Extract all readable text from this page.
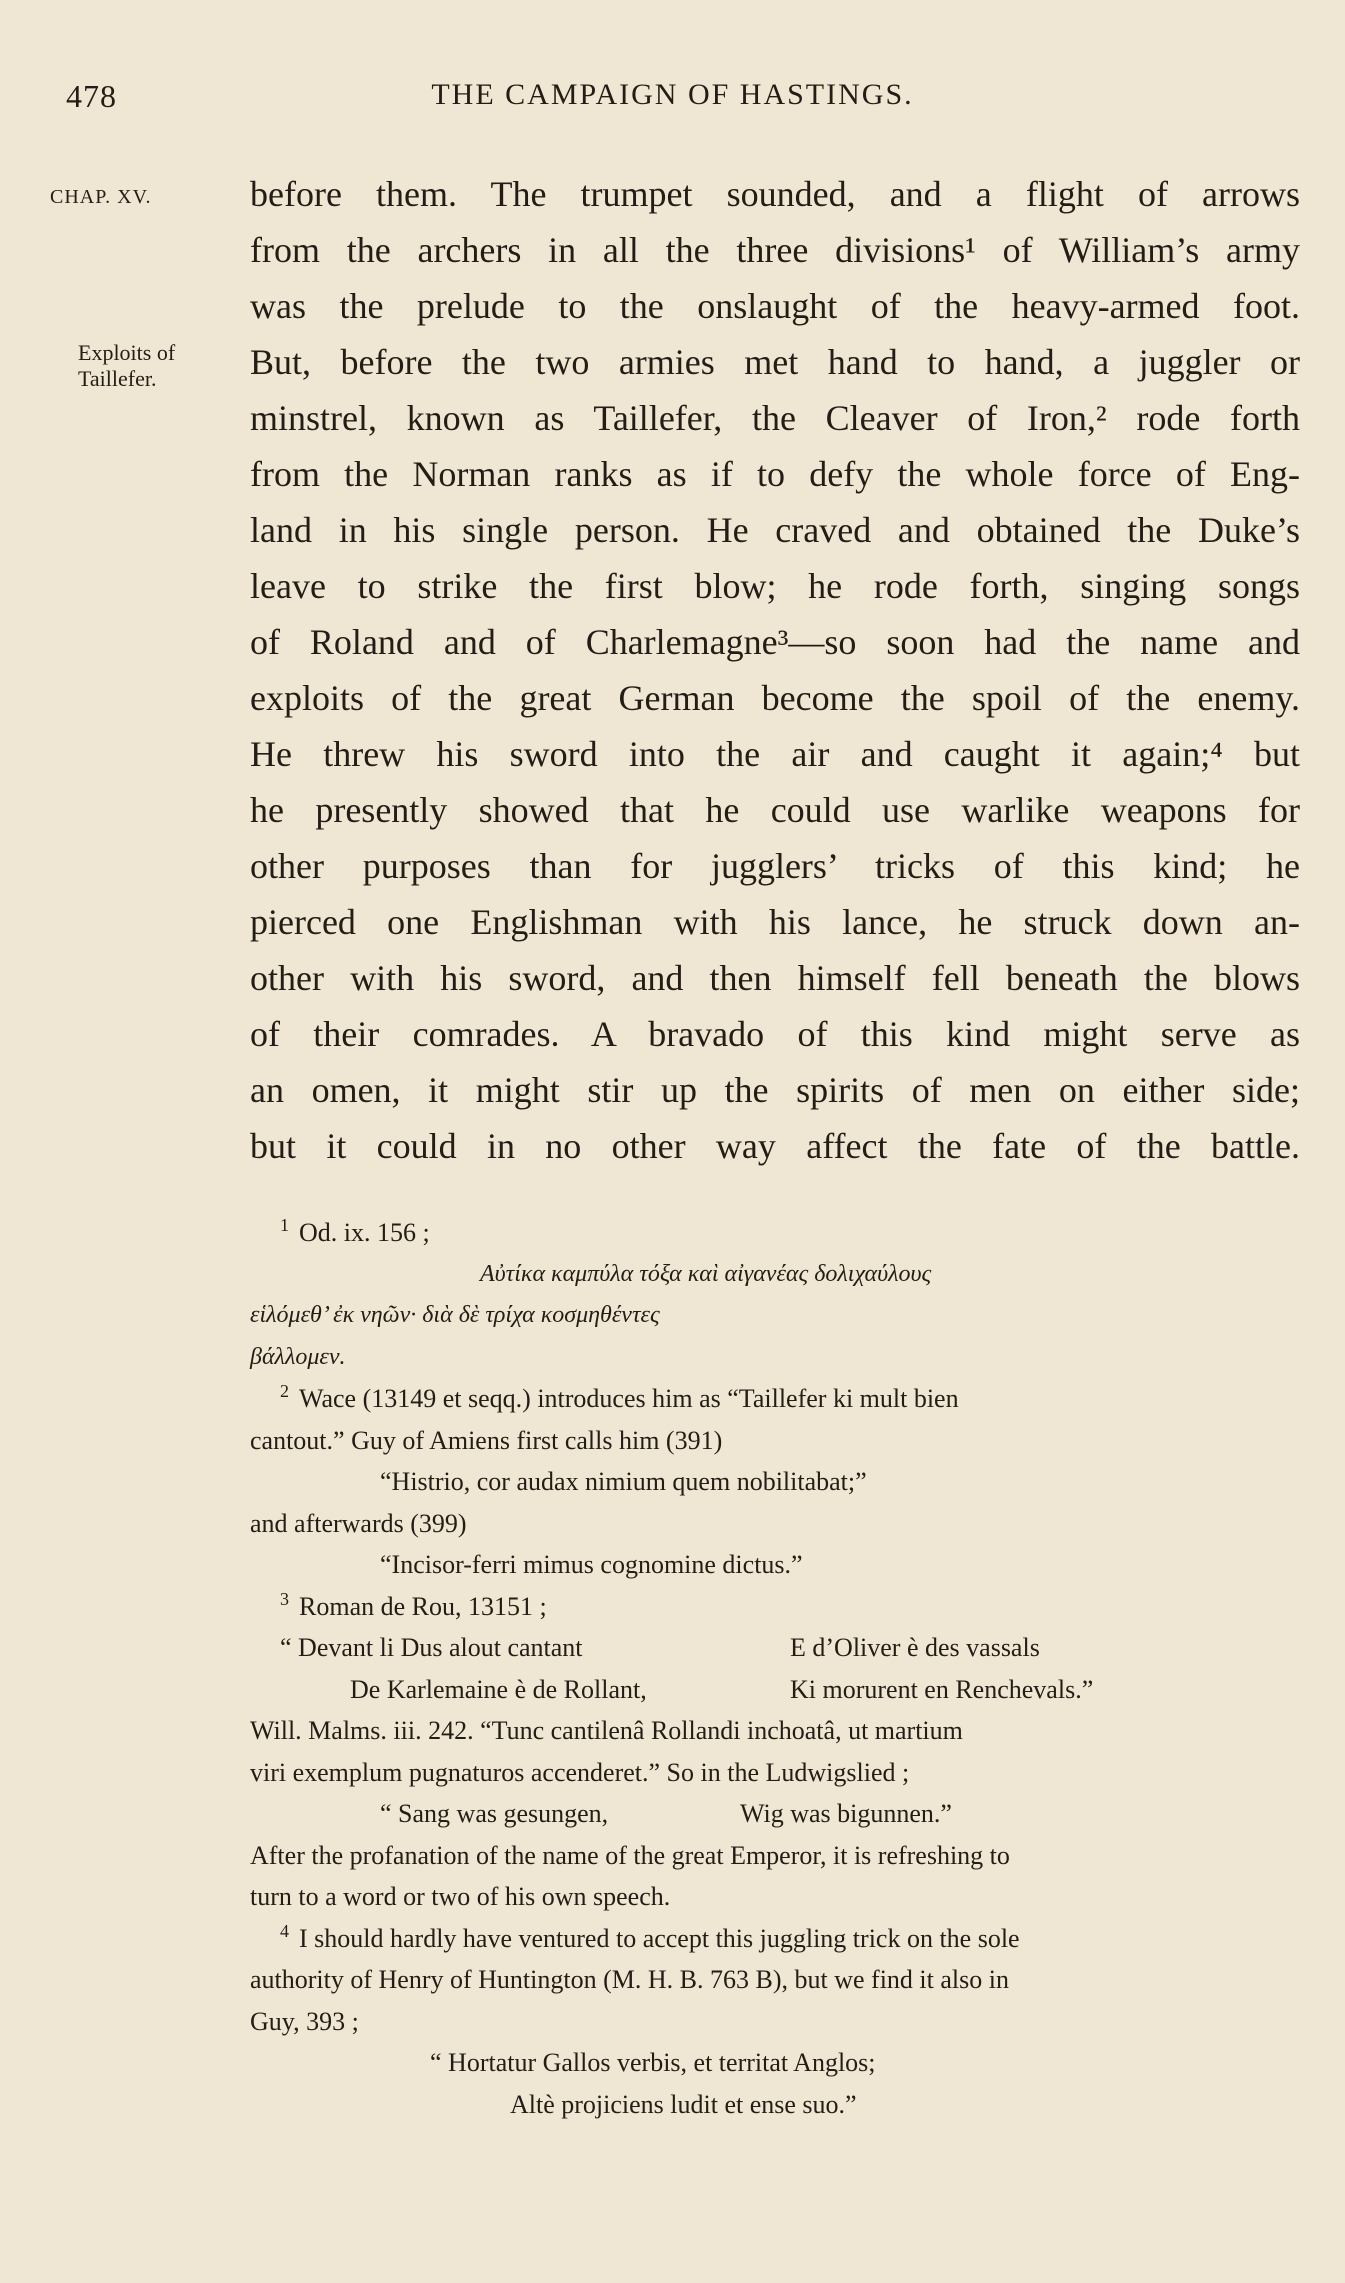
478	THE CAMPAIGN OF HASTINGS.
CHAP. XV.
Exploits of
Taillefer.
before them. The trumpet sounded, and a flight of arrows
from the archers in all the three divisions¹ of William’s army
was the prelude to the onslaught of the heavy-armed foot.
But, before the two armies met hand to hand, a juggler or
minstrel, known as Taillefer, the Cleaver of Iron,² rode forth
from the Norman ranks as if to defy the whole force of Eng-
land in his single person. He craved and obtained the Duke’s
leave to strike the first blow; he rode forth, singing songs
of Roland and of Charlemagne³—so soon had the name and
exploits of the great German become the spoil of the enemy.
He threw his sword into the air and caught it again;⁴ but
he presently showed that he could use warlike weapons for
other purposes than for jugglers’ tricks of this kind; he
pierced one Englishman with his lance, he struck down an-
other with his sword, and then himself fell beneath the blows
of their comrades. A bravado of this kind might serve as
an omen, it might stir up the spirits of men on either side;
but it could in no other way affect the fate of the battle.
$^1$ Od. ix. 156 ;
Αὐτίκα καμπύλα τόξα καὶ αἰγανέας δολιχαύλους
εἱλόμεθ’ ἐκ νηῶν· διὰ δὲ τρίχα κοσμηθέντες
βάλλομεν.
$^2$ Wace (13149 et seqq.) introduces him as “Taillefer ki mult bien
cantout.” Guy of Amiens first calls him (391)
“Histrio, cor audax nimium quem nobilitabat;”
and afterwards (399)
“Incisor-ferri mimus cognomine dictus.”
$^3$ Roman de Rou, 13151 ;
“ Devant li Dus alout cantant	E d’Oliver è des vassals
De Karlemaine è de Rollant,	Ki morurent en Renchevals.”
Will. Malms. iii. 242. “Tunc cantilenâ Rollandi inchoatâ, ut martium
viri exemplum pugnaturos accenderet.” So in the Ludwigslied ;
“ Sang was gesungen,	Wig was bigunnen.”
After the profanation of the name of the great Emperor, it is refreshing to
turn to a word or two of his own speech.
$^4$ I should hardly have ventured to accept this juggling trick on the sole
authority of Henry of Huntington (M. H. B. 763 B), but we find it also in
Guy, 393 ;
“ Hortatur Gallos verbis, et territat Anglos;
Altè projiciens ludit et ense suo.”
